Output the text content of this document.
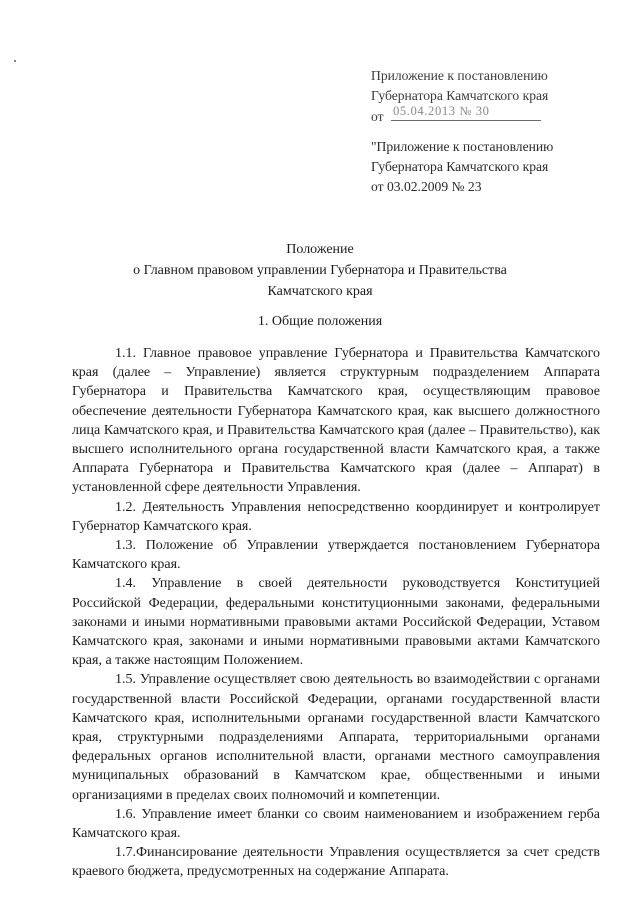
Приложение к постановлению
Губернатора Камчатского края
от 05.04.2013 № 30
"Приложение к постановлению
Губернатора Камчатского края
от 03.02.2009 № 23
Положение
о Главном правовом управлении Губернатора и Правительства
Камчатского края
1. Общие положения

1.1. Главное правовое управление Губернатора и Правительства Камчатского края (далее – Управление) является структурным подразделением Аппарата Губернатора и Правительства Камчатского края, осуществляющим правовое обеспечение деятельности Губернатора Камчатского края, как высшего должностного лица Камчатского края, и Правительства Камчатского края (далее – Правительство), как высшего исполнительного органа государственной власти Камчатского края, а также Аппарата Губернатора и Правительства Камчатского края (далее – Аппарат) в установленной сфере деятельности Управления.

1.2. Деятельность Управления непосредственно координирует и контролирует Губернатор Камчатского края.

1.3. Положение об Управлении утверждается постановлением Губернатора Камчатского края.

1.4. Управление в своей деятельности руководствуется Конституцией Российской Федерации, федеральными конституционными законами, федеральными законами и иными нормативными правовыми актами Российской Федерации, Уставом Камчатского края, законами и иными нормативными правовыми актами Камчатского края, а также настоящим Положением.

1.5. Управление осуществляет свою деятельность во взаимодействии с органами государственной власти Российской Федерации, органами государственной власти Камчатского края, исполнительными органами государственной власти Камчатского края, структурными подразделениями Аппарата, территориальными органами федеральных органов исполнительной власти, органами местного самоуправления муниципальных образований в Камчатском крае, общественными и иными организациями в пределах своих полномочий и компетенции.

1.6. Управление имеет бланки со своим наименованием и изображением герба Камчатского края.

1.7.Финансирование деятельности Управления осуществляется за счет средств краевого бюджета, предусмотренных на содержание Аппарата.
